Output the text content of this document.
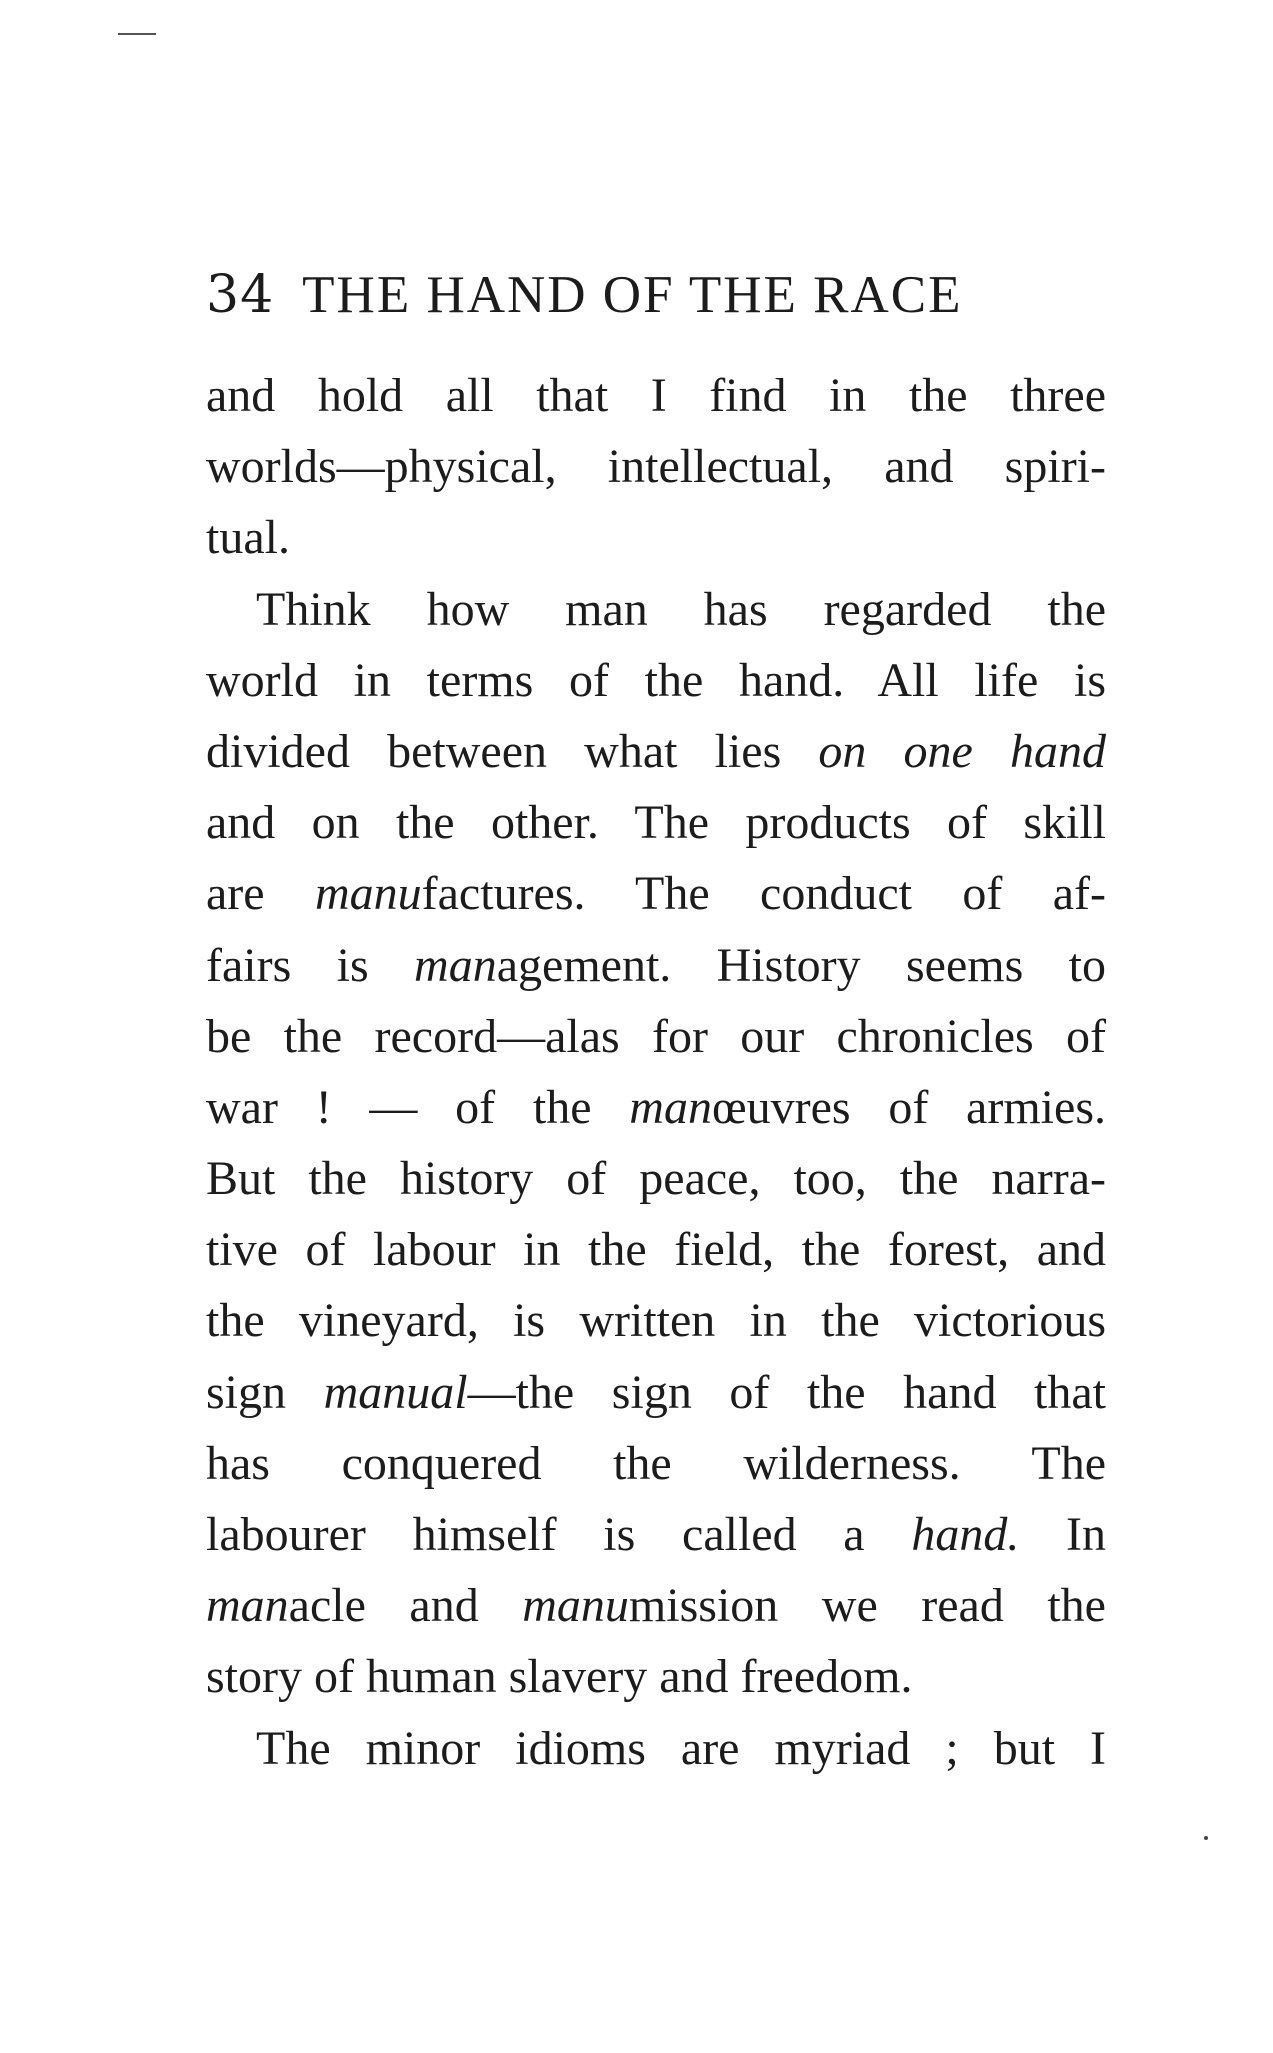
34 THE HAND OF THE RACE
and hold all that I find in the three
worlds—physical, intellectual, and spiri-
tual.
Think how man has regarded the
world in terms of the hand. All life is
divided between what lies on one hand
and on the other. The products of skill
are manufactures. The conduct of af-
fairs is management. History seems to
be the record—alas for our chronicles of
war ! — of the manœuvres of armies.
But the history of peace, too, the narra-
tive of labour in the field, the forest, and
the vineyard, is written in the victorious
sign manual—the sign of the hand that
has conquered the wilderness. The
labourer himself is called a hand. In
manacle and manumission we read the
story of human slavery and freedom.
The minor idioms are myriad ; but I
